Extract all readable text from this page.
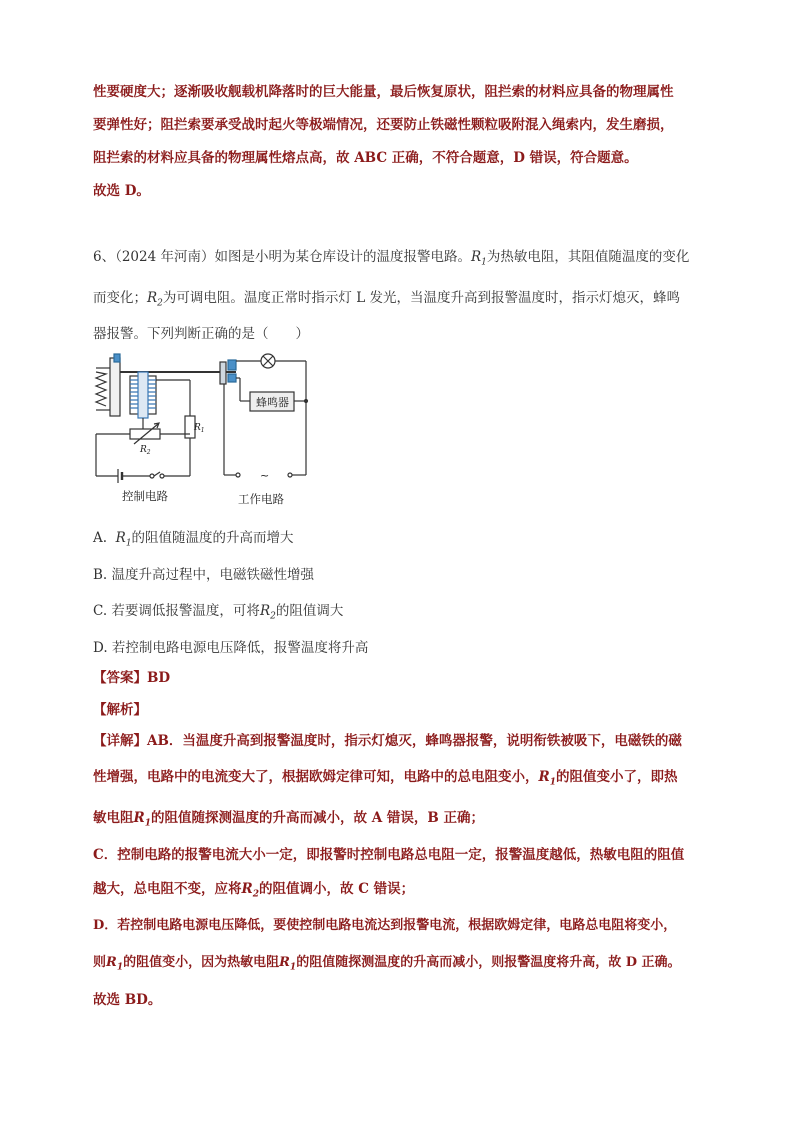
性要硬度大；逐渐吸收舰载机降落时的巨大能量，最后恢复原状，阻拦索的材料应具备的物理属性
要弹性好；阻拦索要承受战时起火等极端情况，还要防止铁磁性颗粒吸附混入绳索内，发生磨损，
阻拦索的材料应具备的物理属性熔点高，故 ABC 正确，不符合题意，D 错误，符合题意。
故选 D。
6、（2024 年河南）如图是小明为某仓库设计的温度报警电路。$R_1$为热敏电阻，其阻值随温度的变化
而变化；$R_2$为可调电阻。温度正常时指示灯 L 发光，当温度升高到报警温度时，指示灯熄灭，蜂鸣
器报警。下列判断正确的是（　　）
蜂鸣器
$R_1$
$R_2$
~
控制电路	工作电路
A. $R_1$的阻值随温度的升高而增大
B. 温度升高过程中，电磁铁磁性增强
C. 若要调低报警温度，可将$R_2$的阻值调大
D. 若控制电路电源电压降低，报警温度将升高
【答案】BD
【解析】
【详解】AB．当温度升高到报警温度时，指示灯熄灭，蜂鸣器报警，说明衔铁被吸下，电磁铁的磁
性增强，电路中的电流变大了，根据欧姆定律可知，电路中的总电阻变小，$R_1$的阻值变小了，即热
敏电阻$R_1$的阻值随探测温度的升高而减小，故 A 错误，B 正确；
C．控制电路的报警电流大小一定，即报警时控制电路总电阻一定，报警温度越低，热敏电阻的阻值
越大，总电阻不变，应将$R_2$的阻值调小，故 C 错误；
D．若控制电路电源电压降低，要使控制电路电流达到报警电流，根据欧姆定律，电路总电阻将变小，
则$R_1$的阻值变小，因为热敏电阻$R_1$的阻值随探测温度的升高而减小，则报警温度将升高，故 D 正确。
故选 BD。
